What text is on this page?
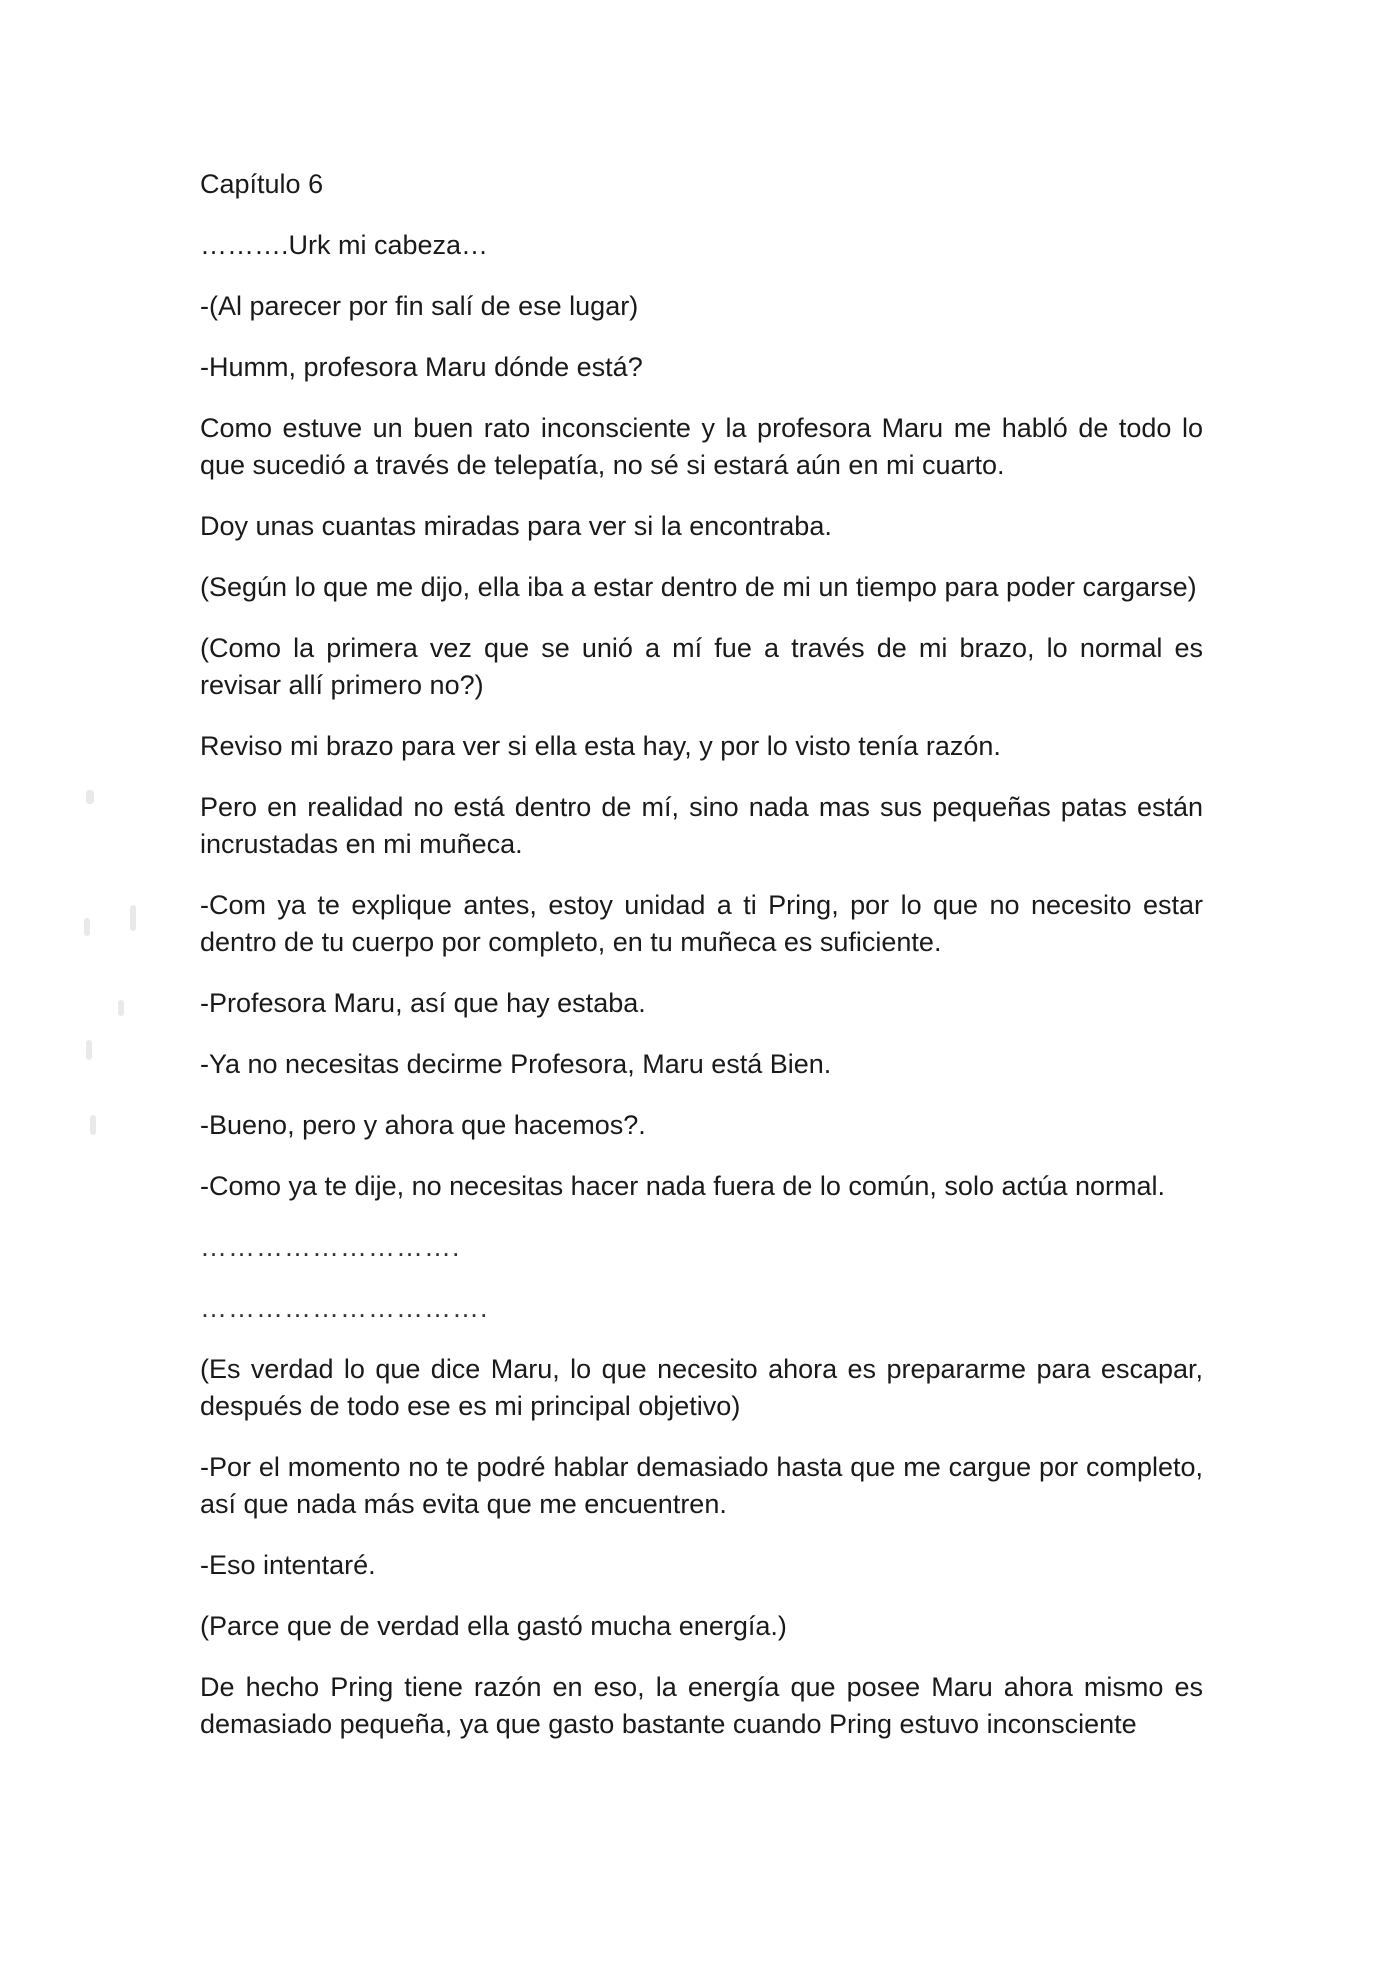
Capítulo 6

……….Urk mi cabeza…

-(Al parecer por fin salí de ese lugar)

-Humm, profesora Maru dónde está?

Como estuve un buen rato inconsciente y la profesora Maru me habló de todo lo que sucedió a través de telepatía, no sé si estará aún en mi cuarto.

Doy unas cuantas miradas para ver si la encontraba.

(Según lo que me dijo, ella iba a estar dentro de mi un tiempo para poder cargarse)

(Como la primera vez que se unió a mí fue a través de mi brazo, lo normal es revisar allí primero no?)

Reviso mi brazo para ver si ella esta hay, y por lo visto tenía razón.

Pero en realidad no está dentro de mí, sino nada mas sus pequeñas patas están incrustadas en mi muñeca.

-Com ya te explique antes, estoy unidad a ti Pring, por lo que no necesito estar dentro de tu cuerpo por completo, en tu muñeca es suficiente.

-Profesora Maru, así que hay estaba.

-Ya no necesitas decirme Profesora, Maru está Bien.

-Bueno, pero y ahora que hacemos?.

-Como ya te dije, no necesitas hacer nada fuera de lo común, solo actúa normal.

……………………….

………………………….

(Es verdad lo que dice Maru, lo que necesito ahora es prepararme para escapar, después de todo ese es mi principal objetivo)

-Por el momento no te podré hablar demasiado hasta que me cargue por completo, así que nada más evita que me encuentren.

-Eso intentaré.

(Parce que de verdad ella gastó mucha energía.)

De hecho Pring tiene razón en eso, la energía que posee Maru ahora mismo es demasiado pequeña, ya que gasto bastante cuando Pring estuvo inconsciente
